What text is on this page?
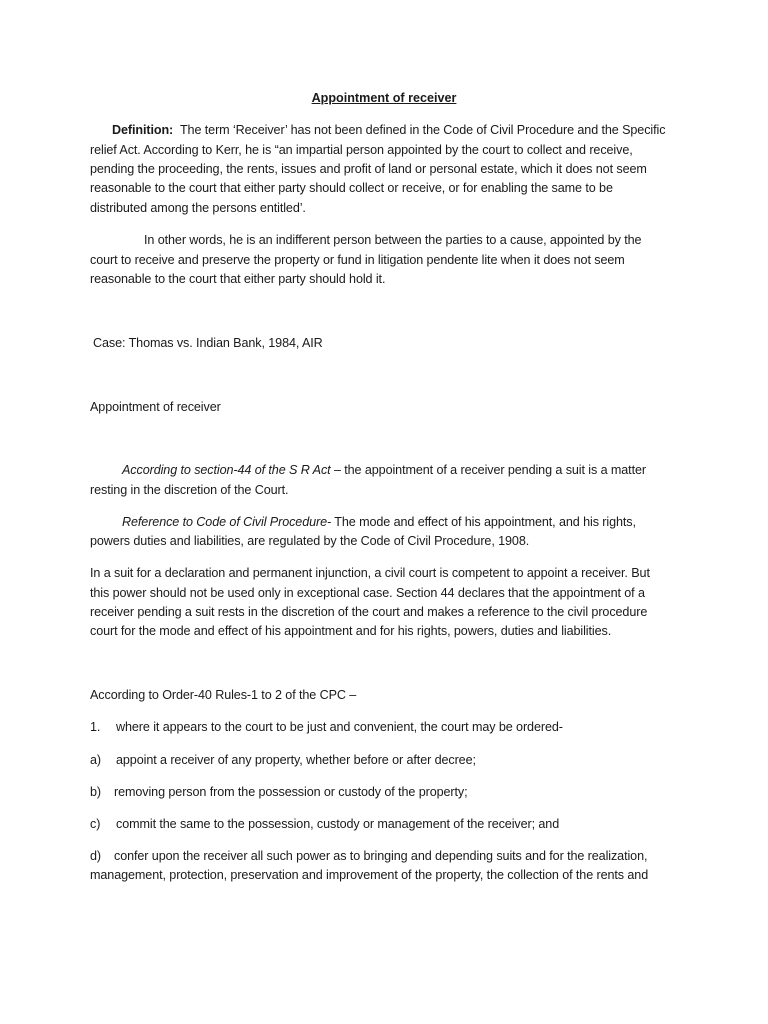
Appointment of receiver
Definition: The term ‘Receiver’ has not been defined in the Code of Civil Procedure and the Specific
relief Act. According to Kerr, he is “an impartial person appointed by the court to collect and receive,
pending the proceeding, the rents, issues and profit of land or personal estate, which it does not seem
reasonable to the court that either party should collect or receive, or for enabling the same to be
distributed among the persons entitled’.
In other words, he is an indifferent person between the parties to a cause, appointed by the
court to receive and preserve the property or fund in litigation pendente lite when it does not seem
reasonable to the court that either party should hold it.
Case: Thomas vs. Indian Bank, 1984, AIR
Appointment of receiver
According to section-44 of the S R Act – the appointment of a receiver pending a suit is a matter
resting in the discretion of the Court.
Reference to Code of Civil Procedure- The mode and effect of his appointment, and his rights,
powers duties and liabilities, are regulated by the Code of Civil Procedure, 1908.
In a suit for a declaration and permanent injunction, a civil court is competent to appoint a receiver. But
this power should not be used only in exceptional case. Section 44 declares that the appointment of a
receiver pending a suit rests in the discretion of the court and makes a reference to the civil procedure
court for the mode and effect of his appointment and for his rights, powers, duties and liabilities.
According to Order-40 Rules-1 to 2 of the CPC –
1. where it appears to the court to be just and convenient, the court may be ordered-
a) appoint a receiver of any property, whether before or after decree;
b) removing person from the possession or custody of the property;
c) commit the same to the possession, custody or management of the receiver; and
d) confer upon the receiver all such power as to bringing and depending suits and for the realization,
management, protection, preservation and improvement of the property, the collection of the rents and
